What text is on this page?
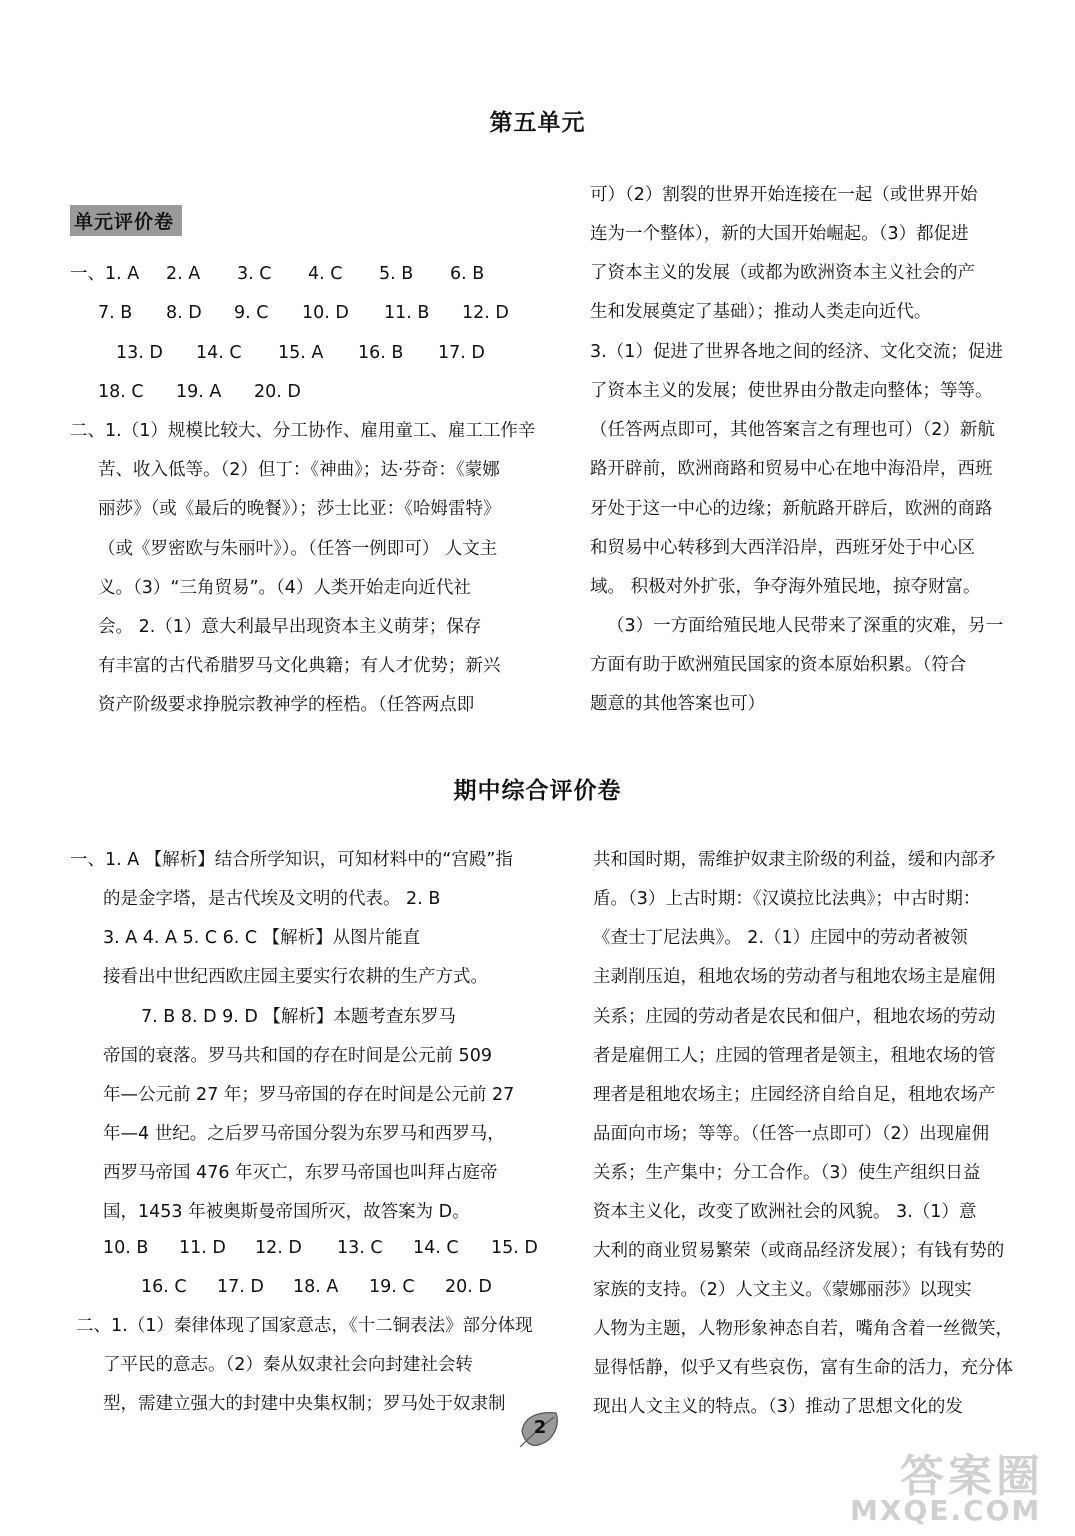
第五单元
单元评价卷
期中综合评价卷
一、1. A 2. A 3. C 4. C 5. B 6. B
7. B 8. D 9. C 10. D 11. B 12. D
13. D 14. C 15. A 16. B 17. D
18. C 19. A 20. D
二、1.（1）规模比较大、分工协作、雇用童工、雇工工作辛
苦、收入低等。（2）但丁：《神曲》；达·芬奇：《蒙娜
丽莎》（或《最后的晚餐》）；莎士比亚：《哈姆雷特》
（或《罗密欧与朱丽叶》）。（任答一例即可） 人文主
义。（3）“三角贸易”。（4）人类开始走向近代社
会。 2.（1）意大利最早出现资本主义萌芽；保存
有丰富的古代希腊罗马文化典籍；有人才优势；新兴
资产阶级要求挣脱宗教神学的桎梏。（任答两点即
可）（2）割裂的世界开始连接在一起（或世界开始
连为一个整体），新的大国开始崛起。（3）都促进
了资本主义的发展（或都为欧洲资本主义社会的产
生和发展奠定了基础）；推动人类走向近代。
3.（1）促进了世界各地之间的经济、文化交流；促进
了资本主义的发展；使世界由分散走向整体；等等。
（任答两点即可，其他答案言之有理也可）（2）新航
路开辟前，欧洲商路和贸易中心在地中海沿岸，西班
牙处于这一中心的边缘；新航路开辟后，欧洲的商路
和贸易中心转移到大西洋沿岸，西班牙处于中心区
域。 积极对外扩张，争夺海外殖民地，掠夺财富。
（3）一方面给殖民地人民带来了深重的灾难，另一
方面有助于欧洲殖民国家的资本原始积累。（符合
题意的其他答案也可）
一、1. A 【解析】结合所学知识，可知材料中的“宫殿”指
的是金字塔，是古代埃及文明的代表。 2. B
3. A 4. A 5. C 6. C 【解析】从图片能直
接看出中世纪西欧庄园主要实行农耕的生产方式。
7. B 8. D 9. D 【解析】本题考查东罗马
帝国的衰落。罗马共和国的存在时间是公元前 509
年—公元前 27 年；罗马帝国的存在时间是公元前 27
年—4 世纪。之后罗马帝国分裂为东罗马和西罗马，
西罗马帝国 476 年灭亡，东罗马帝国也叫拜占庭帝
国，1453 年被奥斯曼帝国所灭，故答案为 D。
10. B 11. D 12. D 13. C 14. C 15. D
16. C 17. D 18. A 19. C 20. D
二、1.（1）秦律体现了国家意志，《十二铜表法》部分体现
了平民的意志。（2）秦从奴隶社会向封建社会转
型，需建立强大的封建中央集权制；罗马处于奴隶制
共和国时期，需维护奴隶主阶级的利益，缓和内部矛
盾。（3）上古时期：《汉谟拉比法典》；中古时期：
《查士丁尼法典》。 2.（1）庄园中的劳动者被领
主剥削压迫，租地农场的劳动者与租地农场主是雇佣
关系；庄园的劳动者是农民和佃户，租地农场的劳动
者是雇佣工人；庄园的管理者是领主，租地农场的管
理者是租地农场主；庄园经济自给自足，租地农场产
品面向市场；等等。（任答一点即可）（2）出现雇佣
关系；生产集中；分工合作。（3）使生产组织日益
资本主义化，改变了欧洲社会的风貌。 3.（1）意
大利的商业贸易繁荣（或商品经济发展）；有钱有势的
家族的支持。（2）人文主义。《蒙娜丽莎》以现实
人物为主题，人物形象神态自若，嘴角含着一丝微笑，
显得恬静，似乎又有些哀伤，富有生命的活力，充分体
现出人文主义的特点。（3）推动了思想文化的发
2
答案圈
MXQE.COM
